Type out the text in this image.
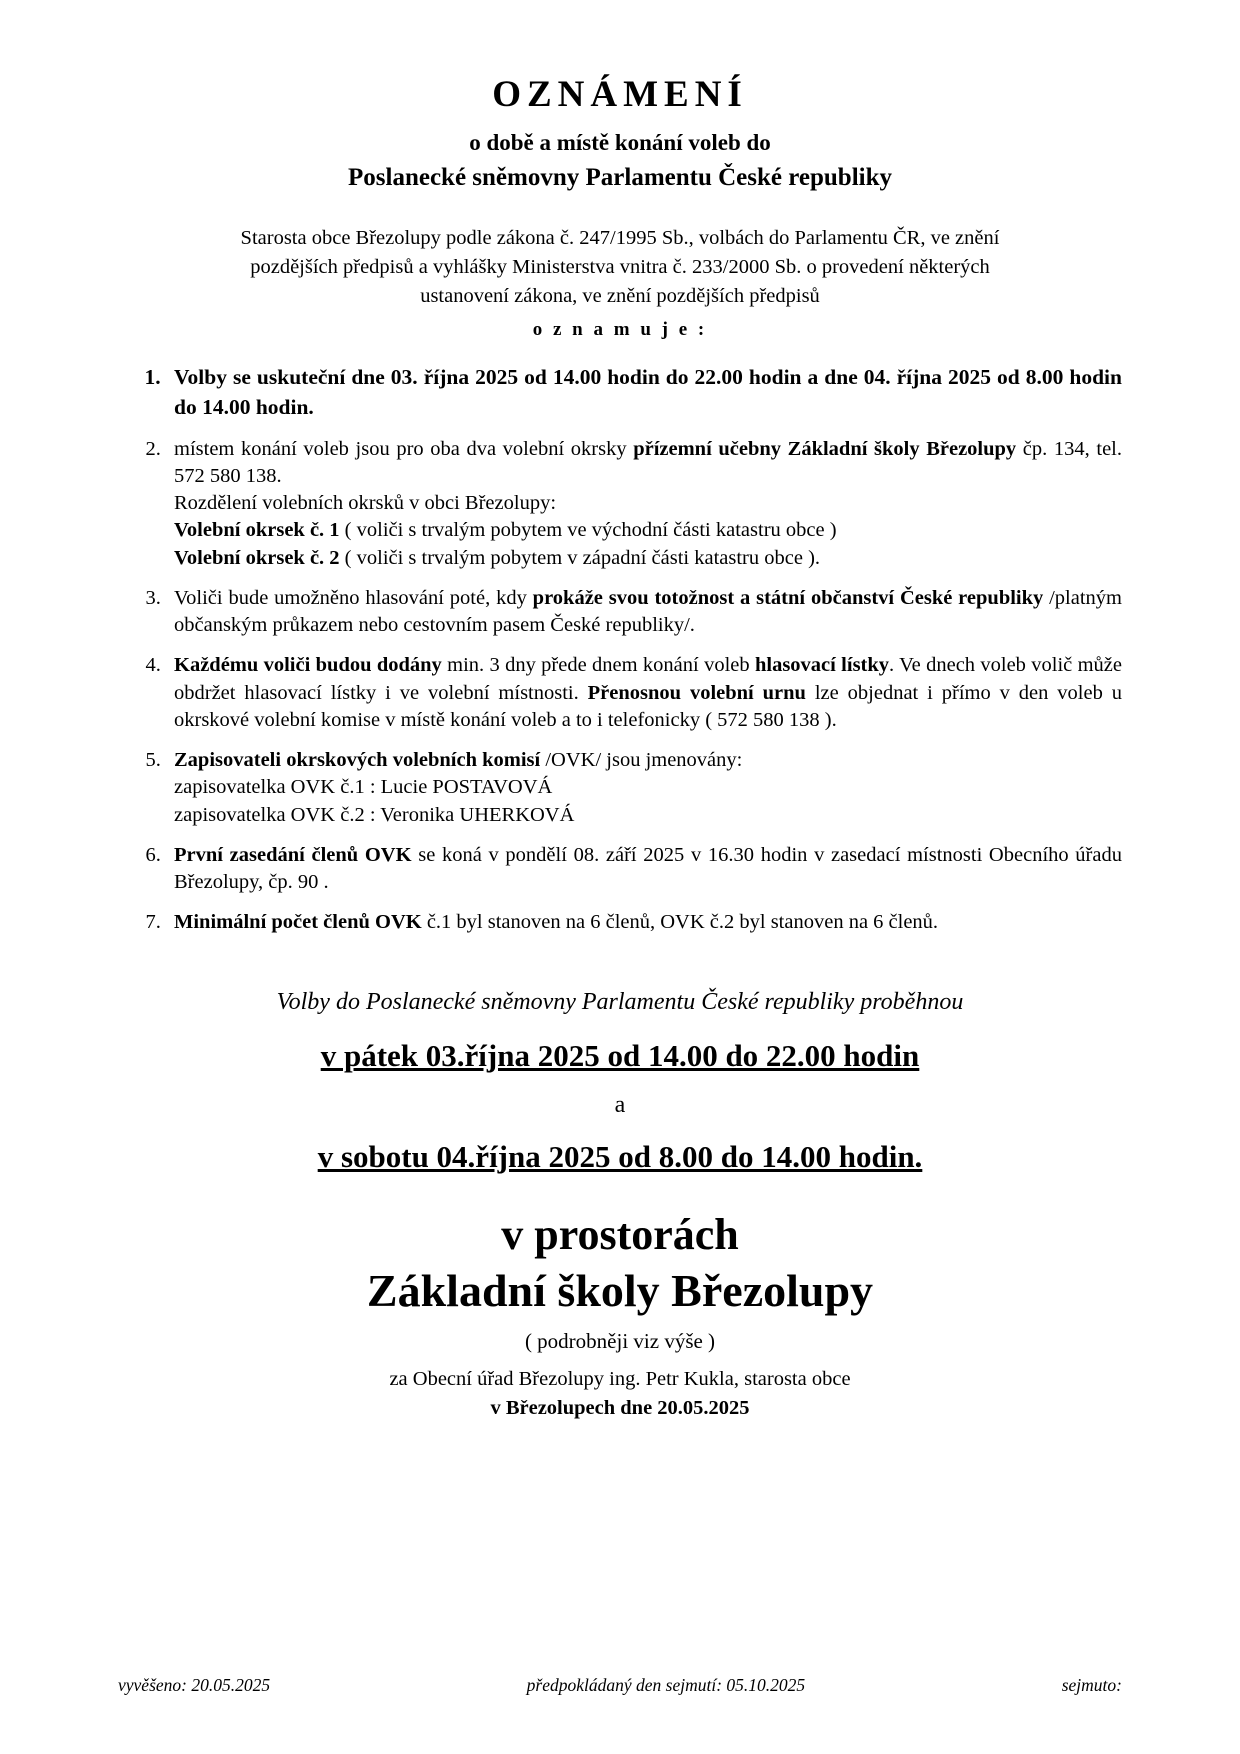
OZNÁMENÍ
o době a místě konání voleb do
Poslanecké sněmovny Parlamentu České republiky
Starosta obce Březolupy podle zákona č. 247/1995 Sb., volbách do Parlamentu ČR, ve znění
pozdějších předpisů a vyhlášky Ministerstva vnitra č. 233/2000 Sb. o provedení některých
ustanovení zákona, ve znění pozdějších předpisů
o z n a m u j e :
1. Volby se uskuteční dne 03. října 2025 od 14.00 hodin do 22.00 hodin a dne 04. října 2025 od 8.00 hodin do 14.00 hodin.
2. místem konání voleb jsou pro oba dva volební okrsky přízemní učebny Základní školy Březolupy čp. 134, tel. 572 580 138.
Rozdělení volebních okrsků v obci Březolupy:
Volební okrsek č. 1 ( voliči s trvalým pobytem ve východní části katastru obce )
Volební okrsek č. 2 ( voliči s trvalým pobytem v západní části katastru obce ).
3. Voliči bude umožněno hlasování poté, kdy prokáže svou totožnost a státní občanství České republiky /platným občanským průkazem nebo cestovním pasem České republiky/.
4. Každému voliči budou dodány min. 3 dny přede dnem konání voleb hlasovací lístky. Ve dnech voleb volič může obdržet hlasovací lístky i ve volební místnosti. Přenosnou volební urnu lze objednat i přímo v den voleb u okrskové volební komise v místě konání voleb a to i telefonicky ( 572 580 138 ).
5. Zapisovateli okrskových volebních komisí /OVK/ jsou jmenovány:
zapisovatelka OVK č.1 : Lucie POSTAVOVÁ
zapisovatelka OVK č.2 : Veronika UHERKOVÁ
6. První zasedání členů OVK se koná v pondělí 08. září 2025 v 16.30 hodin v zasedací místnosti Obecního úřadu Březolupy, čp. 90 .
7. Minimální počet členů OVK č.1 byl stanoven na 6 členů, OVK č.2 byl stanoven na 6 členů.
Volby do Poslanecké sněmovny Parlamentu České republiky proběhnou
v pátek 03.října 2025 od 14.00 do 22.00 hodin
a
v sobotu 04.října 2025 od 8.00 do 14.00 hodin.
v prostorách
Základní školy Březolupy
( podrobněji viz výše )
za Obecní úřad Březolupy ing. Petr Kukla, starosta obce
v Březolupech dne 20.05.2025
vyvěšeno: 20.05.2025	předpokládaný den sejmutí: 05.10.2025	sejmuto:
